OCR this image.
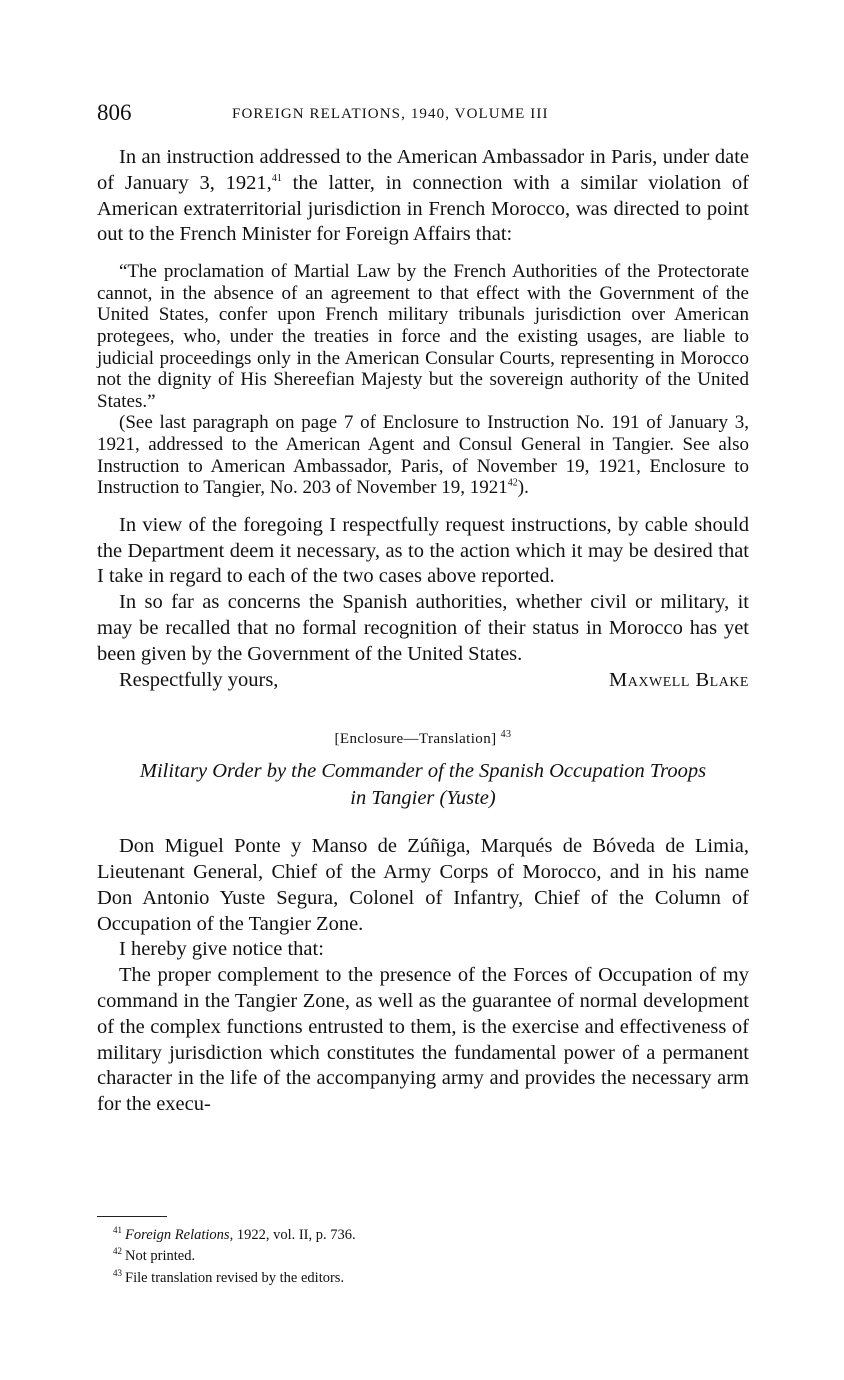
806	FOREIGN RELATIONS, 1940, VOLUME III

In an instruction addressed to the American Ambassador in Paris, under date of January 3, 1921,41 the latter, in connection with a similar violation of American extraterritorial jurisdiction in French Morocco, was directed to point out to the French Minister for Foreign Affairs that:

“The proclamation of Martial Law by the French Authorities of the Protectorate cannot, in the absence of an agreement to that effect with the Government of the United States, confer upon French military tribunals jurisdiction over American protegees, who, under the treaties in force and the existing usages, are liable to judicial proceedings only in the American Consular Courts, representing in Morocco not the dignity of His Shereefian Majesty but the sovereign authority of the United States.”

(See last paragraph on page 7 of Enclosure to Instruction No. 191 of January 3, 1921, addressed to the American Agent and Consul General in Tangier. See also Instruction to American Ambassador, Paris, of November 19, 1921, Enclosure to Instruction to Tangier, No. 203 of November 19, 1921$^{42}$).

In view of the foregoing I respectfully request instructions, by cable should the Department deem it necessary, as to the action which it may be desired that I take in regard to each of the two cases above reported.

In so far as concerns the Spanish authorities, whether civil or military, it may be recalled that no formal recognition of their status in Morocco has yet been given by the Government of the United States.

Respectfully yours,	Maxwell Blake
[Enclosure—Translation] $^{43}$
Military Order by the Commander of the Spanish Occupation Troops
in Tangier (Yuste)

Don Miguel Ponte y Manso de Zúñiga, Marqués de Bóveda de Limia, Lieutenant General, Chief of the Army Corps of Morocco, and in his name Don Antonio Yuste Segura, Colonel of Infantry, Chief of the Column of Occupation of the Tangier Zone.

I hereby give notice that:

The proper complement to the presence of the Forces of Occupation of my command in the Tangier Zone, as well as the guarantee of normal development of the complex functions entrusted to them, is the exercise and effectiveness of military jurisdiction which constitutes the fundamental power of a permanent character in the life of the accompanying army and provides the necessary arm for the execu-

$^{41}$ Foreign Relations, 1922, vol. II, p. 736.
$^{42}$ Not printed.
$^{43}$ File translation revised by the editors.
